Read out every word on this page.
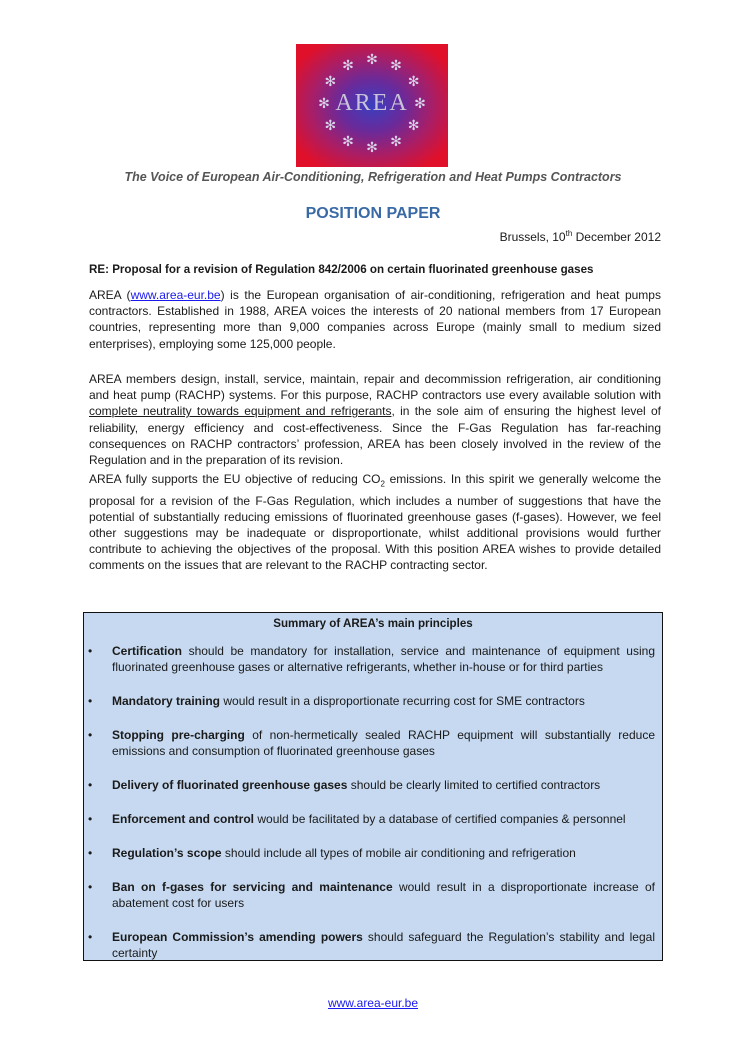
✻ ✻
✻
✻
✻
✻
✻
✻
✻
✻
✻
✻
AREA
The Voice of European Air-Conditioning, Refrigeration and Heat Pumps Contractors
POSITION PAPER
Brussels, 10th December 2012
RE: Proposal for a revision of Regulation 842/2006 on certain fluorinated greenhouse gases
AREA (www.area-eur.be) is the European organisation of air-conditioning, refrigeration and heat pumps contractors. Established in 1988, AREA voices the interests of 20 national members from 17 European countries, representing more than 9,000 companies across Europe (mainly small to medium sized enterprises), employing some 125,000 people.
AREA members design, install, service, maintain, repair and decommission refrigeration, air conditioning and heat pump (RACHP) systems. For this purpose, RACHP contractors use every available solution with complete neutrality towards equipment and refrigerants, in the sole aim of ensuring the highest level of reliability, energy efficiency and cost-effectiveness. Since the F-Gas Regulation has far-reaching consequences on RACHP contractors’ profession, AREA has been closely involved in the review of the Regulation and in the preparation of its revision.
AREA fully supports the EU objective of reducing $CO_2$ emissions. In this spirit we generally welcome the proposal for a revision of the F-Gas Regulation, which includes a number of suggestions that have the potential of substantially reducing emissions of fluorinated greenhouse gases (f-gases). However, we feel other suggestions may be inadequate or disproportionate, whilst additional provisions would further contribute to achieving the objectives of the proposal. With this position AREA wishes to provide detailed comments on the issues that are relevant to the RACHP contracting sector.
Summary of AREA’s main principles
• Certification should be mandatory for installation, service and maintenance of equipment using fluorinated greenhouse gases or alternative refrigerants, whether in-house or for third parties
• Mandatory training would result in a disproportionate recurring cost for SME contractors
• Stopping pre-charging of non-hermetically sealed RACHP equipment will substantially reduce emissions and consumption of fluorinated greenhouse gases
• Delivery of fluorinated greenhouse gases should be clearly limited to certified contractors
• Enforcement and control would be facilitated by a database of certified companies & personnel
• Regulation’s scope should include all types of mobile air conditioning and refrigeration
• Ban on f-gases for servicing and maintenance would result in a disproportionate increase of abatement cost for users
• European Commission’s amending powers should safeguard the Regulation’s stability and legal certainty
www.area-eur.be
